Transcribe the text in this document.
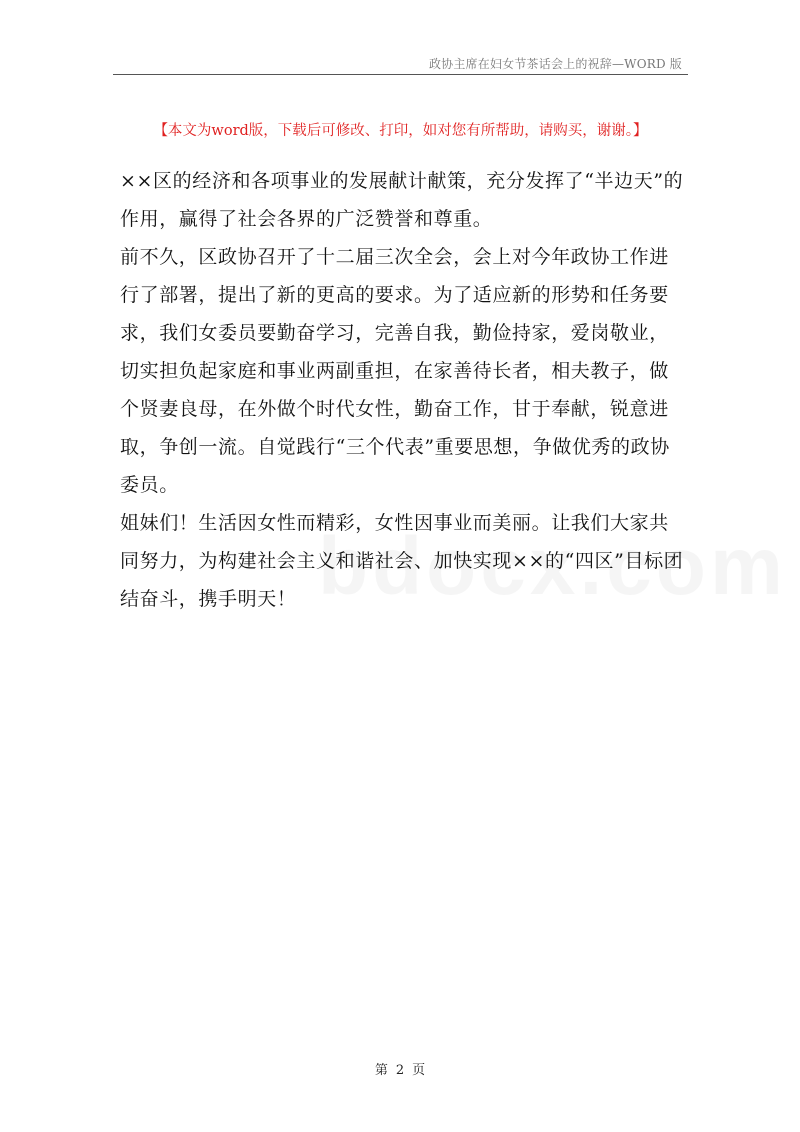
政协主席在妇女节茶话会上的祝辞—WORD 版
【本文为word版，下载后可修改、打印，如对您有所帮助，请购买，谢谢。】

××区的经济和各项事业的发展献计献策，充分发挥了“半边天”的作用，赢得了社会各界的广泛赞誉和尊重。

前不久，区政协召开了十二届三次全会，会上对今年政协工作进行了部署，提出了新的更高的要求。为了适应新的形势和任务要求，我们女委员要勤奋学习，完善自我，勤俭持家，爱岗敬业，切实担负起家庭和事业两副重担，在家善待长者，相夫教子，做个贤妻良母，在外做个时代女性，勤奋工作，甘于奉献，锐意进取，争创一流。自觉践行“三个代表”重要思想，争做优秀的政协委员。

姐妹们！生活因女性而精彩，女性因事业而美丽。让我们大家共同努力，为构建社会主义和谐社会、加快实现××的“四区”目标团结奋斗，携手明天！

第 2 页
